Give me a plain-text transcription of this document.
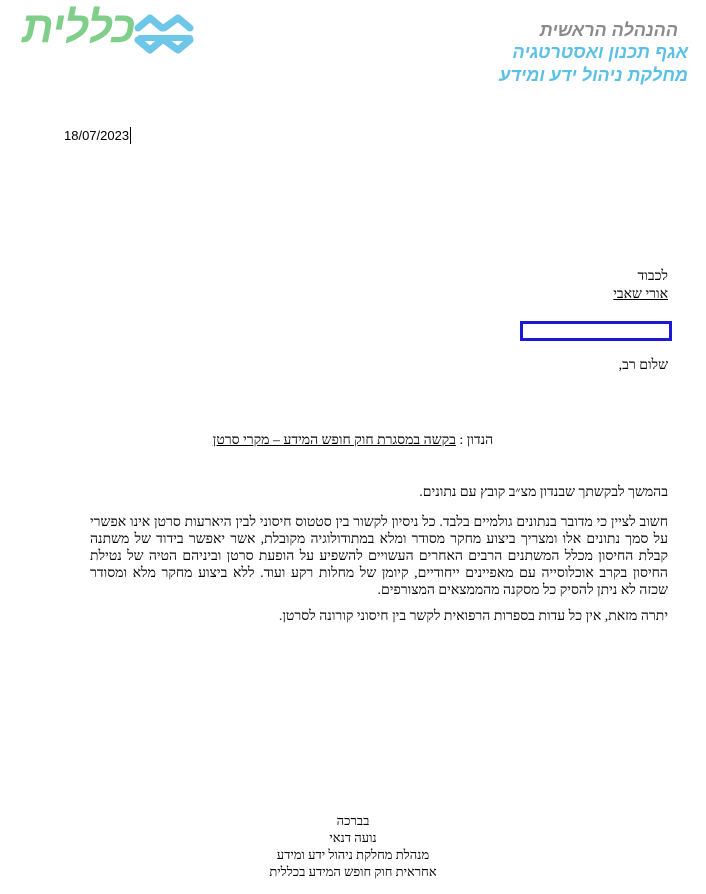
כללית	ההנהלה הראשית
אגף תכנון ואסטרטגיה
מחלקת ניהול ידע ומידע
18/07/2023
לכבוד
אורי שאבי
שלום רב,
הנדון : בקשה במסגרת חוק חופש המידע – מקרי סרטן
בהמשך לבקשתך שבנדון מצ״ב קובץ עם נתונים.
חשוב לציין כי מדובר בנתונים גולמיים בלבד. כל ניסיון לקשור בין סטטוס חיסוני לבין היארעות סרטן אינו אפשרי על סמך נתונים אלו ומצריך ביצוע מחקר מסודר ומלא במתודולוגיה מקובלת, אשר יאפשר בידוד של משתנה קבלת החיסון מכלל המשתנים הרבים האחרים העשויים להשפיע על הופעת סרטן וביניהם הטיה של נטילת החיסון בקרב אוכלוסייה עם מאפיינים ייחודיים, קיומן של מחלות רקע ועוד. ללא ביצוע מחקר מלא ומסודר שכזה לא ניתן להסיק כל מסקנה מהממצאים המצורפים.
יתרה מזאת, אין כל עדות בספרות הרפואית לקשר בין חיסוני קורונה לסרטן.
בברכה
נועה דנאי
מנהלת מחלקת ניהול ידע ומידע
אחראית חוק חופש המידע בכללית
